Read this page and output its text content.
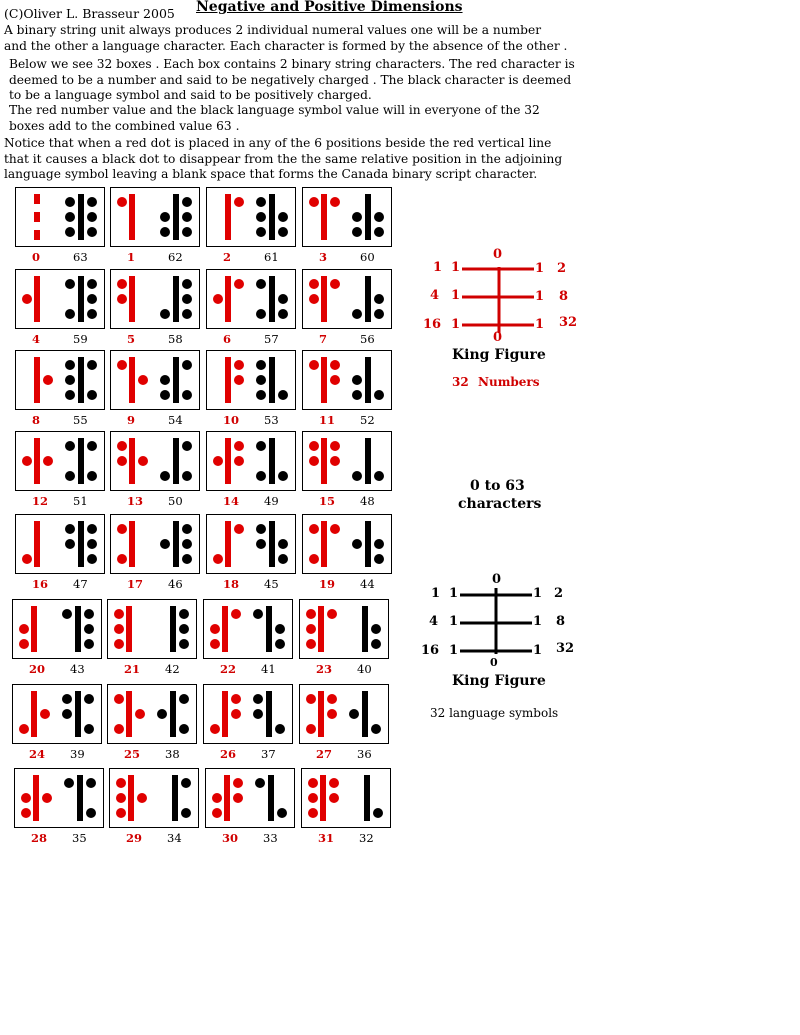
(C)Oliver L. Brasseur 2005 Negative and Positive Dimensions
A binary string unit always produces 2 individual numeral values one will be a number
and the other a language character. Each character is formed by the absence of the other .
Below we see 32 boxes . Each box contains 2 binary string characters. The red character is
deemed to be a number and said to be negatively charged . The black character is deemed
to be a language symbol and said to be positively charged.
The red number value and the black language symbol value will in everyone of the 32
boxes add to the combined value 63 .
Notice that when a red dot is placed in any of the 6 positions beside the red vertical line
that it causes a black dot to disappear from the the same relative position in the adjoining
language symbol leaving a blank space that forms the Canada binary script character.
0	63	1	62	2	61	3	60
4	59	5	58	6	57	7	56
8	55	9	54	10 53	11 52
12 51	13 50	14 49	15 48
16 47	17 46	18 45	19 44
20 43	21 42	22 41	23 40
24 39	25 38	26 37	27 36
28 35	29 34	30 33	31 32
0
0
1
4
16
1
1
1
1
1
1
2
8
32
King Figure
32 Numbers
0 to 63
characters
0
0
1
4
16
1
1
1
1
1
1
2
8
32
King Figure
32 language symbols
